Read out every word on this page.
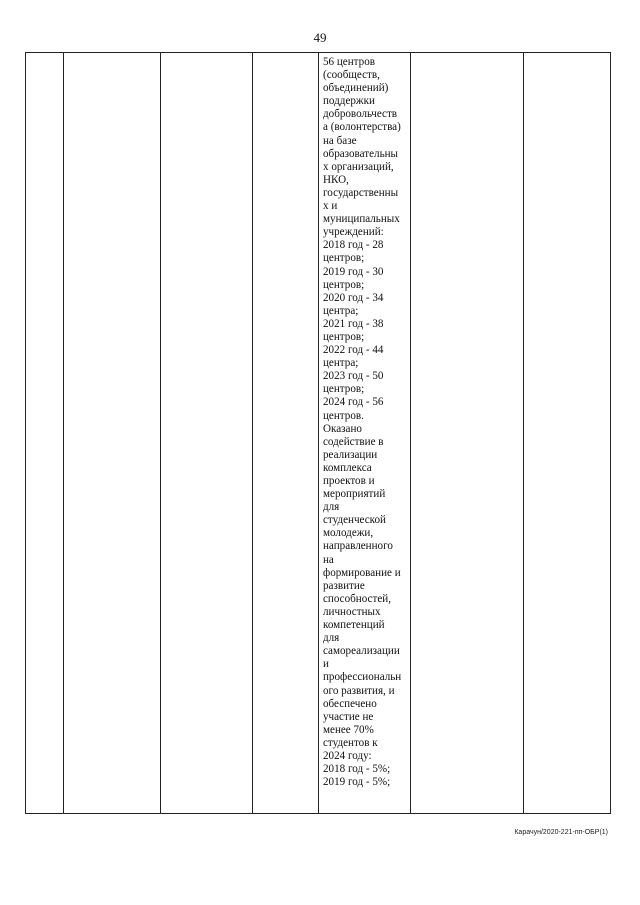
49
56 центров
(сообществ,
объединений)
поддержки
добровольчеств
а (волонтерства)
на базе
образовательны
х организаций,
НКО,
государственны
х и
муниципальных
учреждений:
2018 год - 28
центров;
2019 год - 30
центров;
2020 год - 34
центра;
2021 год - 38
центров;
2022 год - 44
центра;
2023 год - 50
центров;
2024 год - 56
центров.
Оказано
содействие в
реализации
комплекса
проектов и
мероприятий
для
студенческой
молодежи,
направленного
на
формирование и
развитие
способностей,
личностных
компетенций
для
самореализации
и
профессиональн
ого развития, и
обеспечено
участие не
менее 70%
студентов к
2024 году:
2018 год - 5%;
2019 год - 5%;
Карачун/2020-221-пп-ОБР(1)
